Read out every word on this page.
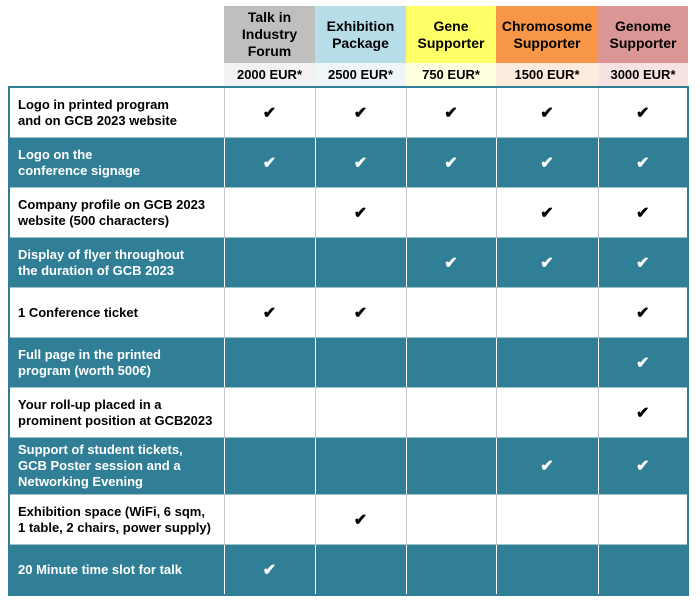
	Talk in
Industry
Forum	Exhibition
Package	Gene
Supporter	Chromosome
Supporter	Genome
Supporter
	2000 EUR*	2500 EUR*	750 EUR*	1500 EUR*	3000 EUR*
Logo in printed program
and on GCB 2023 website	✔	✔	✔	✔	✔
Logo on the
conference signage	✔	✔	✔	✔	✔
Company profile on GCB 2023
website (500 characters)		✔		✔	✔
Display of flyer throughout
the duration of GCB 2023			✔	✔	✔
1 Conference ticket	✔	✔			✔
Full page in the printed
program (worth 500€)					✔
Your roll-up placed in a
prominent position at GCB2023					✔
Support of student tickets,
GCB Poster session and a
Networking Evening				✔	✔
Exhibition space (WiFi, 6 sqm,
1 table, 2 chairs, power supply)		✔			
20 Minute time slot for talk	✔				
